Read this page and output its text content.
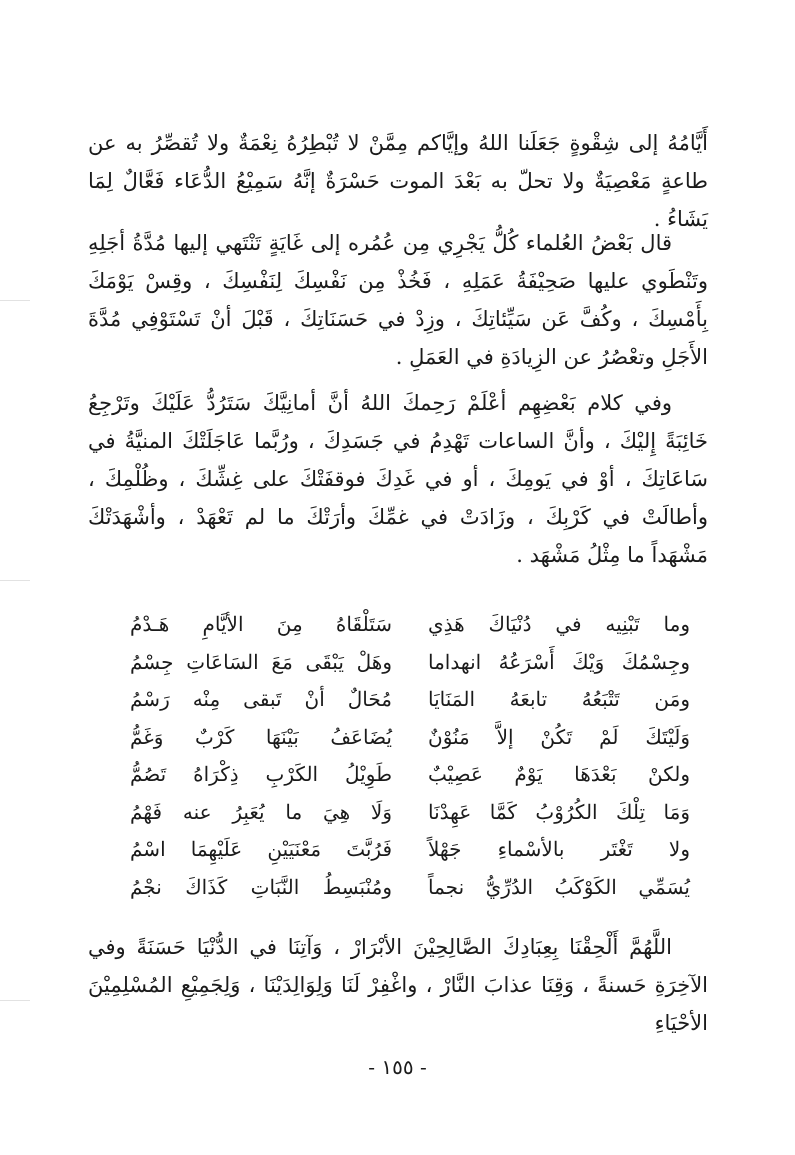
أَيَّامُهُ إلى شِقْوةٍ جَعَلَنا اللهُ وإيَّاكم مِمَّنْ لا تُبْطِرُهُ نِعْمَةٌ ولا تُقصِّرُ به عن طاعةٍ مَعْصِيَةٌ ولا تحلّ به بَعْدَ الموت حَسْرَةٌ إنَّهُ سَمِيْعُ الدُّعَاء فَعَّالٌ لِمَا يَشَاءُ .

قال بَعْضُ العُلماء كُلُّ يَجْرِي مِن عُمُره إلى غَايَةٍ تَنْتَهي إليها مُدَّةُ أجَلِهِ وتَنْطَوي عليها صَحِيْفَةُ عَمَلِهِ ، فَخُذْ مِن نَفْسِكَ لِنَفْسِكَ ، وقِسْ يَوْمَكَ بِأَمْسِكَ ، وكُفَّ عَن سَيِّئاتِكَ ، وزِدْ في حَسَنَاتِكَ ، قَبْلَ أنْ تَسْتَوْفِي مُدَّةَ الأَجَلِ وتعْصُرُ عن الزِيادَةِ في العَمَلِ .

وفي كلام بَعْضِهِم أعْلَمْ رَحِمكَ اللهُ أنَّ أمانِيَّكَ سَتَرُدُّ عَلَيْكَ وتَرْجِعُ خَائِبَةً إِليْكَ ، وأنَّ الساعات تَهْدِمُ في جَسَدِكَ ، ورُبَّما عَاجَلَتْكَ المنيَّةُ في سَاعَاتِكَ ، أوْ في يَومِكَ ، أو في غَدِكَ فوقفَتْكَ على غِشِّكَ ، وظُلْمِكَ ، وأطالَتْ في كَرْبِكَ ، وزَادَتْ في غمِّكَ وأرَتْكَ ما لم تَعْهَدْ ، وأشْهَدَتْكَ مَشْهَداً ما مِثْلُ مَشْهَد .

وما تَبْنِيه في دُنْيَاكَ هَذِي
سَتَلْقَاهُ مِنَ الأيَّامِ هَـدْمُ
وجِسْمُكَ وَيْكَ أَسْرَعُهُ انهداما
وهَلْ يَبْقَى مَعَ السَاعَاتِ جِسْمُ
ومَن تَتْبَعُهُ تابعَهُ المَنَايَا
مُحَالٌ أنْ تَبقى مِنْه رَسْمُ
وَلَيْتَكَ لَمْ تَكُنْ إلاَّ مَنُوْنٌ
يُضَاعَفُ بَيْنَهَا كَرْبٌ وَغَمُّ
ولكنْ بَعْدَهَا يَوْمٌ عَصِيْبٌ
طَوِيْلُ الكَرْبِ ذِكْرَاهُ تَصُمُّ
وَمَا تِلْكَ الكُرُوْبُ كَمَّا عَهِدْنَا
وَلَا هِيَ ما يُعَبِرُ عنه فَهْمُ
ولا تَغْتَر بالأسْماءِ جَهْلاً
فَرُبَّتَ مَعْنَيَيْنِ عَلَيْهِمَا اسْمُ
يُسَمِّي الكَوْكَبُ الدُرِّيُّ نجماً
ومُنْبَسِطُ النَّبَاتِ كَذَاكَ نجْمُ

اللَّهُمَّ أَلْحِقْنَا بِعِبَادِكَ الصَّالِحِيْنَ الأبْرَارْ ، وَآتِنَا في الدُّنْيَا حَسَنَةً وفي الآخِرَةِ حَسنةً ، وَقِنَا عذابَ النَّارْ ، واغْفِرْ لَنَا وَلِوَالِدَيْنَا ، وَلِجَمِيْعِ المُسْلِمِيْنَ الأحْيَاءِ

- ١٥٥ -
